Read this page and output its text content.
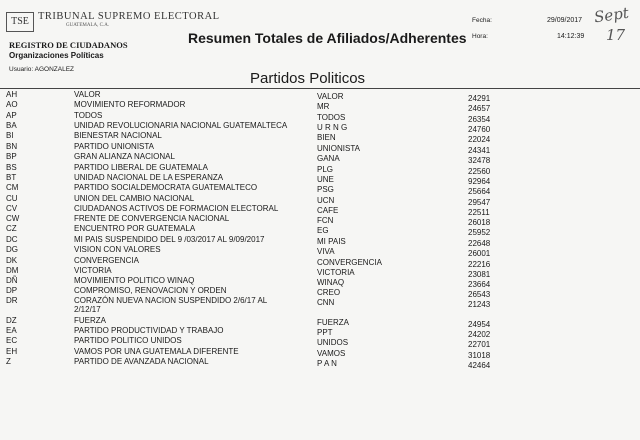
TSE TRIBUNAL SUPREMO ELECTORAL
GUATEMALA, C.A.
REGISTRO DE CIUDADANOS
Organizaciones Políticas
Usuario: AGONZALEZ
Resumen Totales de Afiliados/Adherentes
Fecha:	29/09/2017
Hora:	14:12:39
Sept
17
Partidos Politicos
AH	VALOR	VALOR	24291
AO	MOVIMIENTO REFORMADOR	MR	24657
AP	TODOS	TODOS	26354
BA	UNIDAD REVOLUCIONARIA NACIONAL GUATEMALTECA	U R N G	24760
BI	BIENESTAR NACIONAL	BIEN	22024
BN	PARTIDO UNIONISTA	UNIONISTA	24341
BP	GRAN ALIANZA NACIONAL	GANA	32478
BS	PARTIDO LIBERAL DE GUATEMALA	PLG	22560
BT	UNIDAD NACIONAL DE LA ESPERANZA	UNE	92964
CM	PARTIDO SOCIALDEMOCRATA GUATEMALTECO	PSG	25664
CU	UNION DEL CAMBIO NACIONAL	UCN	29547
CV	CIUDADANOS ACTIVOS DE FORMACION ELECTORAL	CAFE	22511
CW	FRENTE DE CONVERGENCIA NACIONAL	FCN	26018
CZ	ENCUENTRO POR GUATEMALA	EG	25952
DC	MI PAIS SUSPENDIDO DEL 9 /03/2017 AL 9/09/2017	MI PAIS	22648
DG	VISION CON VALORES	VIVA	26001
DK	CONVERGENCIA	CONVERGENCIA	22216
DM	VICTORIA	VICTORIA	23081
DÑ	MOVIMIENTO POLITICO WINAQ	WINAQ	23664
DP	COMPROMISO, RENOVACION Y ORDEN	CREO	26543
DR	CORAZÓN NUEVA NACION SUSPENDIDO 2/6/17 AL	CNN	21243
2/12/17
DZ	FUERZA	FUERZA	24954
EA	PARTIDO PRODUCTIVIDAD Y TRABAJO	PPT	24202
EC	PARTIDO POLITICO UNIDOS	UNIDOS	22701
EH	VAMOS POR UNA GUATEMALA DIFERENTE	VAMOS	31018
Z	PARTIDO DE AVANZADA NACIONAL	P A N	42464
